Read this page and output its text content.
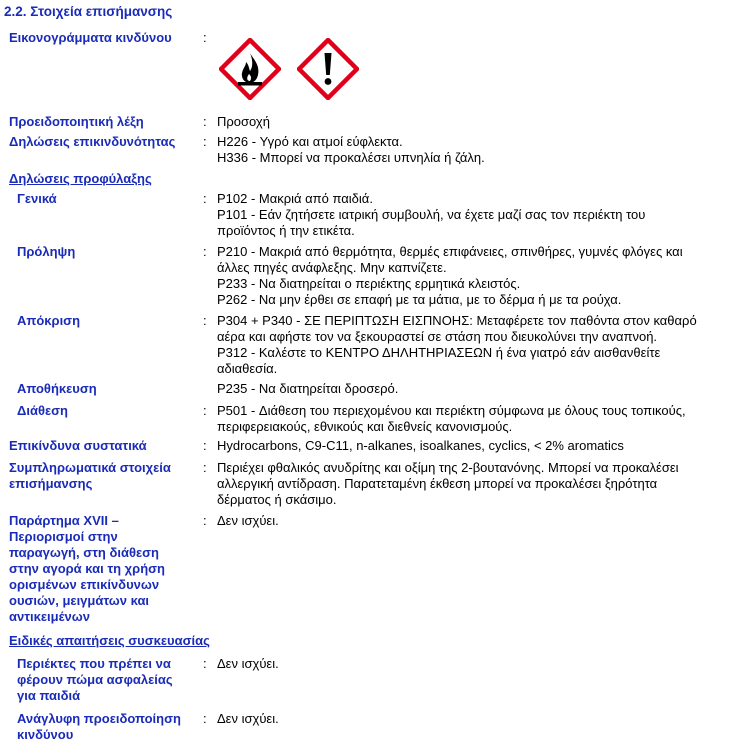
2.2. Στοιχεία επισήμανσης
Εικονογράμματα κινδύνου :
Προειδοποιητική λέξη	: Προσοχή
Δηλώσεις επικινδυνότητας : H226 - Υγρό και ατμοί εύφλεκτα.
H336 - Μπορεί να προκαλέσει υπνηλία ή ζάλη.
Δηλώσεις προφύλαξης
Γενικά	: P102 - Μακριά από παιδιά.
P101 - Εάν ζητήσετε ιατρική συμβουλή, να έχετε μαζί σας τον περιέκτη του
προϊόντος ή την ετικέτα.
Πρόληψη	: P210 - Μακριά από θερμότητα, θερμές επιφάνειες, σπινθήρες, γυμνές φλόγες και
άλλες πηγές ανάφλεξης. Μην καπνίζετε.
P233 - Να διατηρείται ο περιέκτης ερμητικά κλειστός.
P262 - Να μην έρθει σε επαφή με τα μάτια, με το δέρμα ή με τα ρούχα.
Απόκριση	: P304 + P340 - ΣΕ ΠΕΡΙΠΤΩΣΗ ΕΙΣΠΝΟΗΣ: Μεταφέρετε τον παθόντα στον καθαρό
αέρα και αφήστε τον να ξεκουραστεί σε στάση που διευκολύνει την αναπνοή.
P312 - Καλέστε το ΚΕΝΤΡΟ ΔΗΛΗΤΗΡΙΑΣΕΩΝ ή ένα γιατρό εάν αισθανθείτε
αδιαθεσία.
Αποθήκευση	P235 - Να διατηρείται δροσερό.
Διάθεση	: P501 - Διάθεση του περιεχομένου και περιέκτη σύμφωνα με όλους τους τοπικούς,
περιφερειακούς, εθνικούς και διεθνείς κανονισμούς.
Επικίνδυνα συστατικά	: Hydrocarbons, C9-C11, n-alkanes, isoalkanes, cyclics, < 2% aromatics
Συμπληρωματικά στοιχεία
επισήμανσης
: Περιέχει φθαλικός ανυδρίτης και οξίμη της 2-βουτανόνης. Μπορεί να προκαλέσει
αλλεργική αντίδραση. Παρατεταμένη έκθεση μπορεί να προκαλέσει ξηρότητα
δέρματος ή σκάσιμο.
Παράρτημα XVII –
Περιορισμοί στην
παραγωγή, στη διάθεση
στην αγορά και τη χρήση
ορισμένων επικίνδυνων
ουσιών, μειγμάτων και
αντικειμένων
: Δεν ισχύει.
Ειδικές απαιτήσεις συσκευασίας
Περιέκτες που πρέπει να
φέρουν πώμα ασφαλείας
για παιδιά
: Δεν ισχύει.
Ανάγλυφη προειδοποίηση
κινδύνου
: Δεν ισχύει.
